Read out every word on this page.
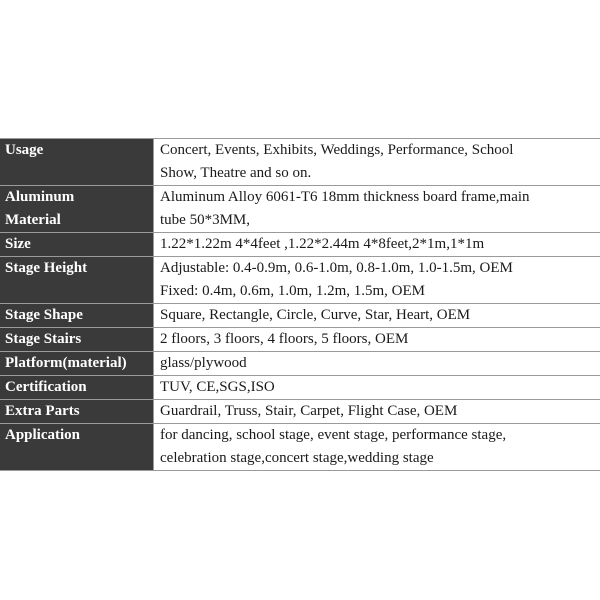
Usage	Concert, Events, Exhibits, Weddings, Performance, School
Show, Theatre and so on.

Aluminum
Material	Aluminum Alloy 6061-T6 18mm thickness board frame,main
tube 50*3MM,

Size	1.22*1.22m 4*4feet ,1.22*2.44m 4*8feet,2*1m,1*1m

Stage Height	Adjustable: 0.4-0.9m, 0.6-1.0m, 0.8-1.0m, 1.0-1.5m, OEM
Fixed: 0.4m, 0.6m, 1.0m, 1.2m, 1.5m, OEM

Stage Shape	Square, Rectangle, Circle, Curve, Star, Heart, OEM

Stage Stairs	2 floors, 3 floors, 4 floors, 5 floors, OEM

Platform(material)	glass/plywood

Certification	TUV, CE,SGS,ISO

Extra Parts	Guardrail, Truss, Stair, Carpet, Flight Case, OEM

Application	for dancing, school stage, event stage, performance stage,
celebration stage,concert stage,wedding stage
